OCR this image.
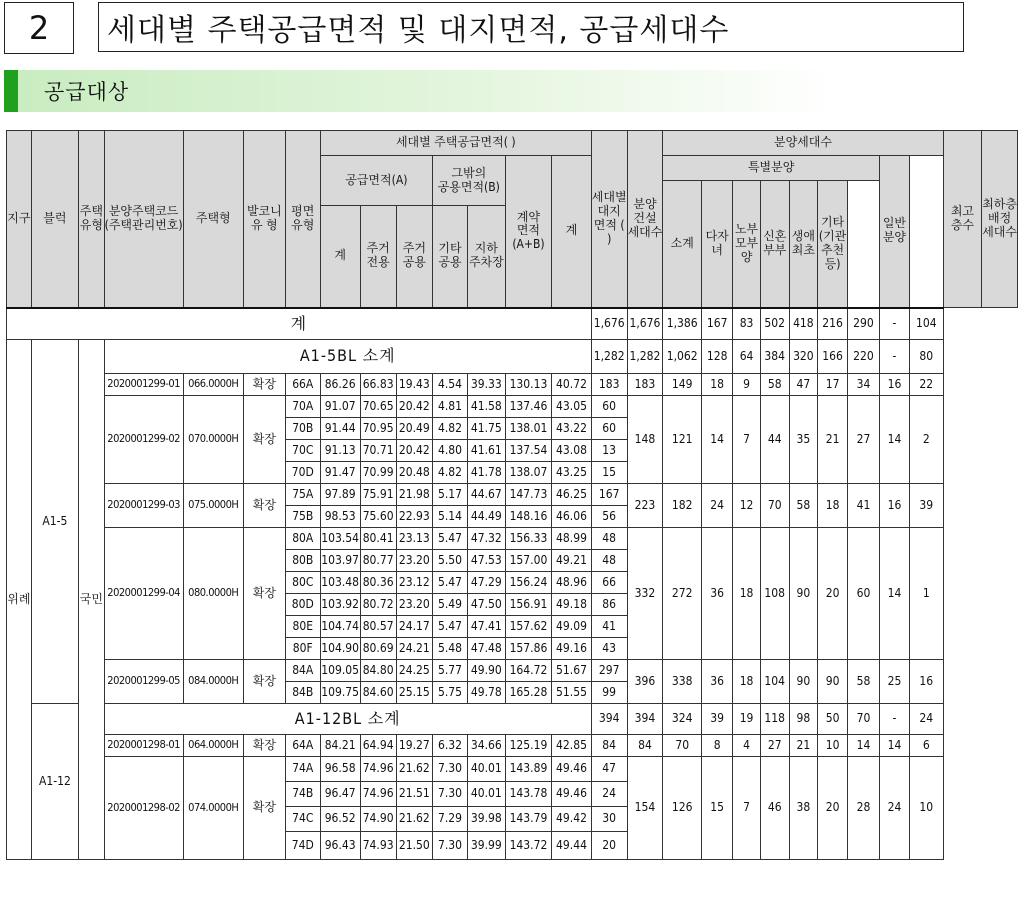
2	세대별 주택공급면적 및 대지면적, 공급세대수
공급대상
지구	블럭	주택유형	분양주택코드 (주택관리번호)	주택형	발코니 유 형	평면 유형	세대별 주택공급면적( )							세대별 대지 면적 ( )	분양 건설 세대수	분양세대수									최고 층수	최하층 배정 세대수
							공급면적(A)			그밖의 공용면적(B)		계약 면적 (A+B)	계			특별분양							일반 분양			
																소계	다자녀	노부모부양	신혼부부	생애최초	기타 (기관 추천 등)					
							계	주거 전용	주거 공용	기타 공용	지하 주차장															
계														1,676	1,676	1,386	167	83	502	418	216	290	-	104		
위례	A1-5	국민	A1-5BL 소계											1,282	1,282	1,062	128	64	384	320	166	220	-	80		
			2020001299-01	066.0000H	확장	66A	86.26	66.83	19.43	4.54	39.33	130.13	40.72	183	183	149	18	9	58	47	17	34	16	22		
			2020001299-02	070.0000H	확장	70A	91.07	70.65	20.42	4.81	41.58	137.46	43.05	60	148	121	14	7	44	35	21	27	14	2		
						70B	91.44	70.95	20.49	4.82	41.75	138.01	43.22	60												
						70C	91.13	70.71	20.42	4.80	41.61	137.54	43.08	13												
						70D	91.47	70.99	20.48	4.82	41.78	138.07	43.25	15												
			2020001299-03	075.0000H	확장	75A	97.89	75.91	21.98	5.17	44.67	147.73	46.25	167	223	182	24	12	70	58	18	41	16	39		
						75B	98.53	75.60	22.93	5.14	44.49	148.16	46.06	56												
			2020001299-04	080.0000H	확장	80A	103.54	80.41	23.13	5.47	47.32	156.33	48.99	48	332	272	36	18	108	90	20	60	14	1		
						80B	103.97	80.77	23.20	5.50	47.53	157.00	49.21	48												
						80C	103.48	80.36	23.12	5.47	47.29	156.24	48.96	66												
						80D	103.92	80.72	23.20	5.49	47.50	156.91	49.18	86												
						80E	104.74	80.57	24.17	5.47	47.41	157.62	49.09	41												
						80F	104.90	80.69	24.21	5.48	47.48	157.86	49.16	43												
			2020001299-05	084.0000H	확장	84A	109.05	84.80	24.25	5.77	49.90	164.72	51.67	297	396	338	36	18	104	90	90	58	25	16		
						84B	109.75	84.60	25.15	5.75	49.78	165.28	51.55	99												
	A1-12		A1-12BL 소계											394	394	324	39	19	118	98	50	70	-	24		
			2020001298-01	064.0000H	확장	64A	84.21	64.94	19.27	6.32	34.66	125.19	42.85	84	84	70	8	4	27	21	10	14	14	6		
			2020001298-02	074.0000H	확장	74A	96.58	74.96	21.62	7.30	40.01	143.89	49.46	47	154	126	15	7	46	38	20	28	24	10		
						74B	96.47	74.96	21.51	7.30	40.01	143.78	49.46	24												
						74C	96.52	74.90	21.62	7.29	39.98	143.79	49.42	30												
						74D	96.43	74.93	21.50	7.30	39.99	143.72	49.44	20												
